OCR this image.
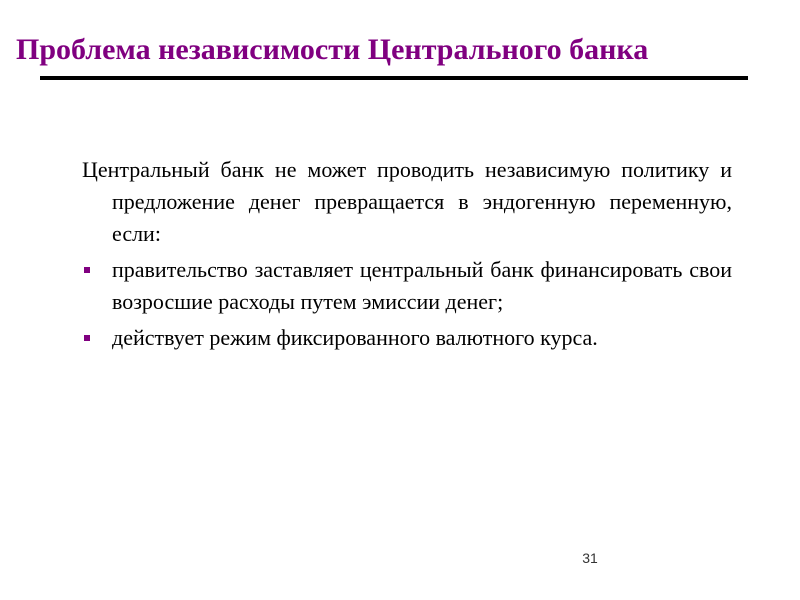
Проблема независимости Центрального банка

Центральный банк не может проводить независимую политику и предложение денег превращается в эндогенную переменную, если:

правительство заставляет центральный банк финансировать свои возросшие расходы путем эмиссии денег;
действует режим фиксированного валютного курса.
31
